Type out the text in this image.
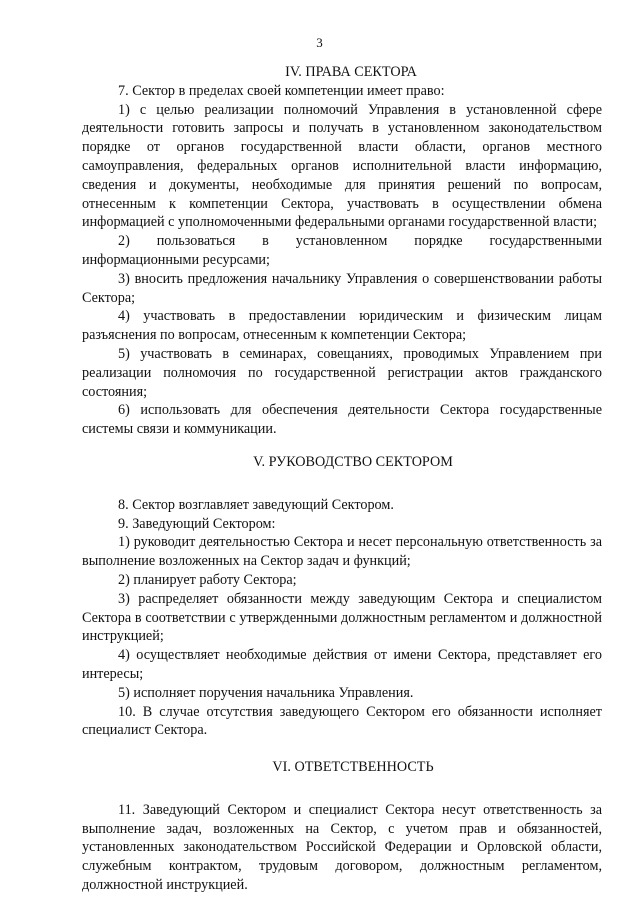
3

IV. ПРАВА СЕКТОРА

7. Сектор в пределах своей компетенции имеет право:

1) с целью реализации полномочий Управления в установленной сфере деятельности готовить запросы и получать в установленном законодательством порядке от органов государственной власти области, органов местного самоуправления, федеральных органов исполнительной власти информацию, сведения и документы, необходимые для принятия решений по вопросам, отнесенным к компетенции Сектора, участвовать в осуществлении обмена информацией с уполномоченными федеральными органами государственной власти;

2) пользоваться в установленном порядке государственными информационными ресурсами;

3) вносить предложения начальнику Управления о совершенствовании работы Сектора;

4) участвовать в предоставлении юридическим и физическим лицам разъяснения по вопросам, отнесенным к компетенции Сектора;

5) участвовать в семинарах, совещаниях, проводимых Управлением при реализации полномочия по государственной регистрации актов гражданского состояния;

6) использовать для обеспечения деятельности Сектора государственные системы связи и коммуникации.

V. РУКОВОДСТВО СЕКТОРОМ

8. Сектор возглавляет заведующий Сектором.

9. Заведующий Сектором:

1) руководит деятельностью Сектора и несет персональную ответственность за выполнение возложенных на Сектор задач и функций;

2) планирует работу Сектора;

3) распределяет обязанности между заведующим Сектора и специалистом Сектора в соответствии с утвержденными должностным регламентом и должностной инструкцией;

4) осуществляет необходимые действия от имени Сектора, представляет его интересы;

5) исполняет поручения начальника Управления.

10. В случае отсутствия заведующего Сектором его обязанности исполняет специалист Сектора.

VI. ОТВЕТСТВЕННОСТЬ

11. Заведующий Сектором и специалист Сектора несут ответственность за выполнение задач, возложенных на Сектор, с учетом прав и обязанностей, установленных законодательством Российской Федерации и Орловской области, служебным контрактом, трудовым договором, должностным регламентом, должностной инструкцией.
